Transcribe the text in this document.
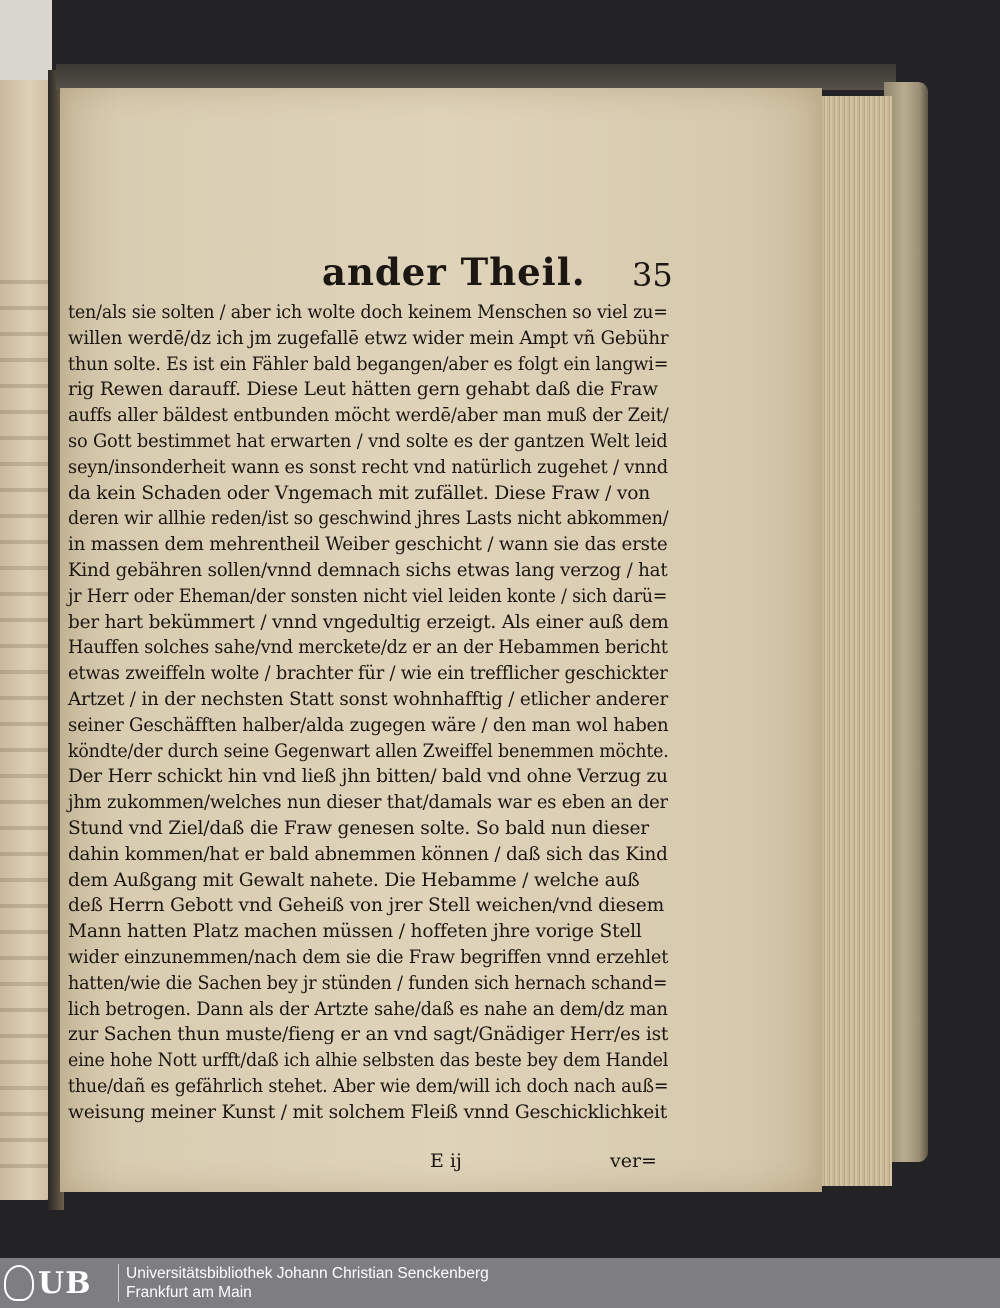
ander Theil. 35
ten/als sie solten / aber ich wolte doch keinem Menschen so viel zu=
willen werdē/dz ich jm zugefallē etwz wider mein Ampt vñ Gebühr
thun solte. Es ist ein Fähler bald begangen/aber es folgt ein langwi=
rig Rewen darauff. Diese Leut hätten gern gehabt daß die Fraw
auffs aller bäldest entbunden möcht werdē/aber man muß der Zeit/
so Gott bestimmet hat erwarten / vnd solte es der gantzen Welt leid
seyn/insonderheit wann es sonst recht vnd natürlich zugehet / vnnd
da kein Schaden oder Vngemach mit zufället. Diese Fraw / von
deren wir allhie reden/ist so geschwind jhres Lasts nicht abkommen/
in massen dem mehrentheil Weiber geschicht / wann sie das erste
Kind gebähren sollen/vnnd demnach sichs etwas lang verzog / hat
jr Herr oder Eheman/der sonsten nicht viel leiden konte / sich darü=
ber hart bekümmert / vnnd vngedultig erzeigt. Als einer auß dem
Hauffen solches sahe/vnd merckete/dz er an der Hebammen bericht
etwas zweiffeln wolte / brachter für / wie ein trefflicher geschickter
Artzet / in der nechsten Statt sonst wohnhafftig / etlicher anderer
seiner Geschäfften halber/alda zugegen wäre / den man wol haben
köndte/der durch seine Gegenwart allen Zweiffel benemmen möchte.
Der Herr schickt hin vnd ließ jhn bitten/ bald vnd ohne Verzug zu
jhm zukommen/welches nun dieser that/damals war es eben an der
Stund vnd Ziel/daß die Fraw genesen solte. So bald nun dieser
dahin kommen/hat er bald abnemmen können / daß sich das Kind
dem Außgang mit Gewalt nahete. Die Hebamme / welche auß
deß Herrn Gebott vnd Geheiß von jrer Stell weichen/vnd diesem
Mann hatten Platz machen müssen / hoffeten jhre vorige Stell
wider einzunemmen/nach dem sie die Fraw begriffen vnnd erzehlet
hatten/wie die Sachen bey jr stünden / funden sich hernach schand=
lich betrogen. Dann als der Artzte sahe/daß es nahe an dem/dz man
zur Sachen thun muste/fieng er an vnd sagt/Gnädiger Herr/es ist
eine hohe Nott urfft/daß ich alhie selbsten das beste bey dem Handel
thue/dañ es gefährlich stehet. Aber wie dem/will ich doch nach auß=
weisung meiner Kunst / mit solchem Fleiß vnnd Geschicklichkeit
E ij	ver=
UB Universitätsbibliothek Johann Christian Senckenberg
Frankfurt am Main
